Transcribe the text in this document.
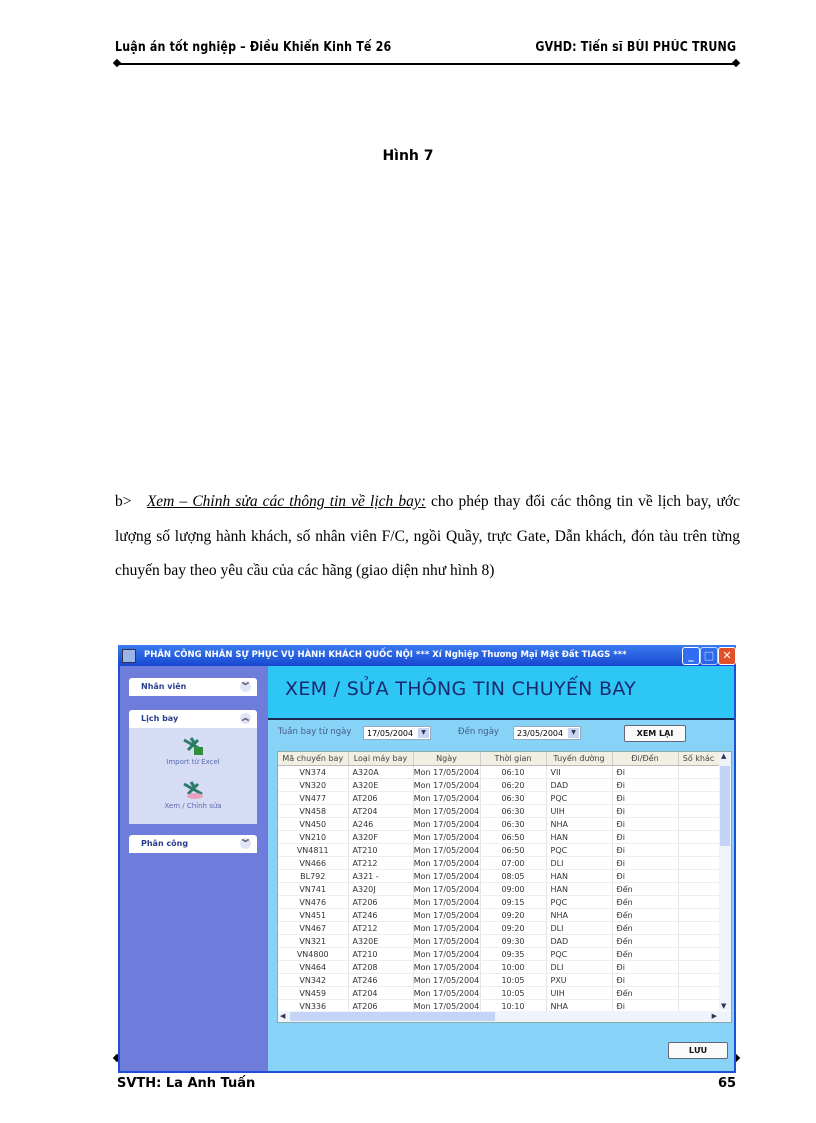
Luận án tốt nghiệp – Điều Khiển Kinh Tế 26	GVHD: Tiến sĩ BÙI PHÚC TRUNG
Hình 7
b> Xem – Chỉnh sửa các thông tin về lịch bay: cho phép thay đổi các thông tin về lịch bay, ước lượng số lượng hành khách, số nhân viên F/C, ngồi Quầy, trực Gate, Dẫn khách, đón tàu trên từng chuyến bay theo yêu cầu của các hãng (giao diện như hình 8)
SVTH: La Anh Tuấn	65
PHÂN CÔNG NHÂN SỰ PHỤC VỤ HÀNH KHÁCH QUỐC NỘI *** Xí Nghiệp Thương Mại Mặt Đất TIAGS ***	_ □ ✕
Nhân viên	︾
Lịch bay	︽
Import từ Excel
Xem / Chỉnh sửa
Phân công	︾
XEM / SỬA THÔNG TIN CHUYẾN BAY
Tuần bay từ ngày	17/05/2004	▼	Đến ngày	23/05/2004	▼	XEM LẠI
Mã chuyến bay	Loại máy bay	Ngày	Thời gian	Tuyến đường	Đi/Đến	Số khác
VN374	A320A	Mon 17/05/2004	06:10	VII	Đi	
VN320	A320E	Mon 17/05/2004	06:20	DAD	Đi	
VN477	AT206	Mon 17/05/2004	06:30	PQC	Đi	
VN458	AT204	Mon 17/05/2004	06:30	UIH	Đi	
VN450	A246	Mon 17/05/2004	06:30	NHA	Đi	
VN210	A320F	Mon 17/05/2004	06:50	HAN	Đi	
VN4811	AT210	Mon 17/05/2004	06:50	PQC	Đi	
VN466	AT212	Mon 17/05/2004	07:00	DLI	Đi	
BL792	A321 -	Mon 17/05/2004	08:05	HAN	Đi	
VN741	A320J	Mon 17/05/2004	09:00	HAN	Đến	
VN476	AT206	Mon 17/05/2004	09:15	PQC	Đến	
VN451	AT246	Mon 17/05/2004	09:20	NHA	Đến	
VN467	AT212	Mon 17/05/2004	09:20	DLI	Đến	
VN321	A320E	Mon 17/05/2004	09:30	DAD	Đến	
VN4800	AT210	Mon 17/05/2004	09:35	PQC	Đến	
VN464	AT208	Mon 17/05/2004	10:00	DLI	Đi	
VN342	AT246	Mon 17/05/2004	10:05	PXU	Đi	
VN459	AT204	Mon 17/05/2004	10:05	UIH	Đến	
VN336	AT206	Mon 17/05/2004	10:10	NHA	Đi	
▲
▼
◀	▶
LƯU
